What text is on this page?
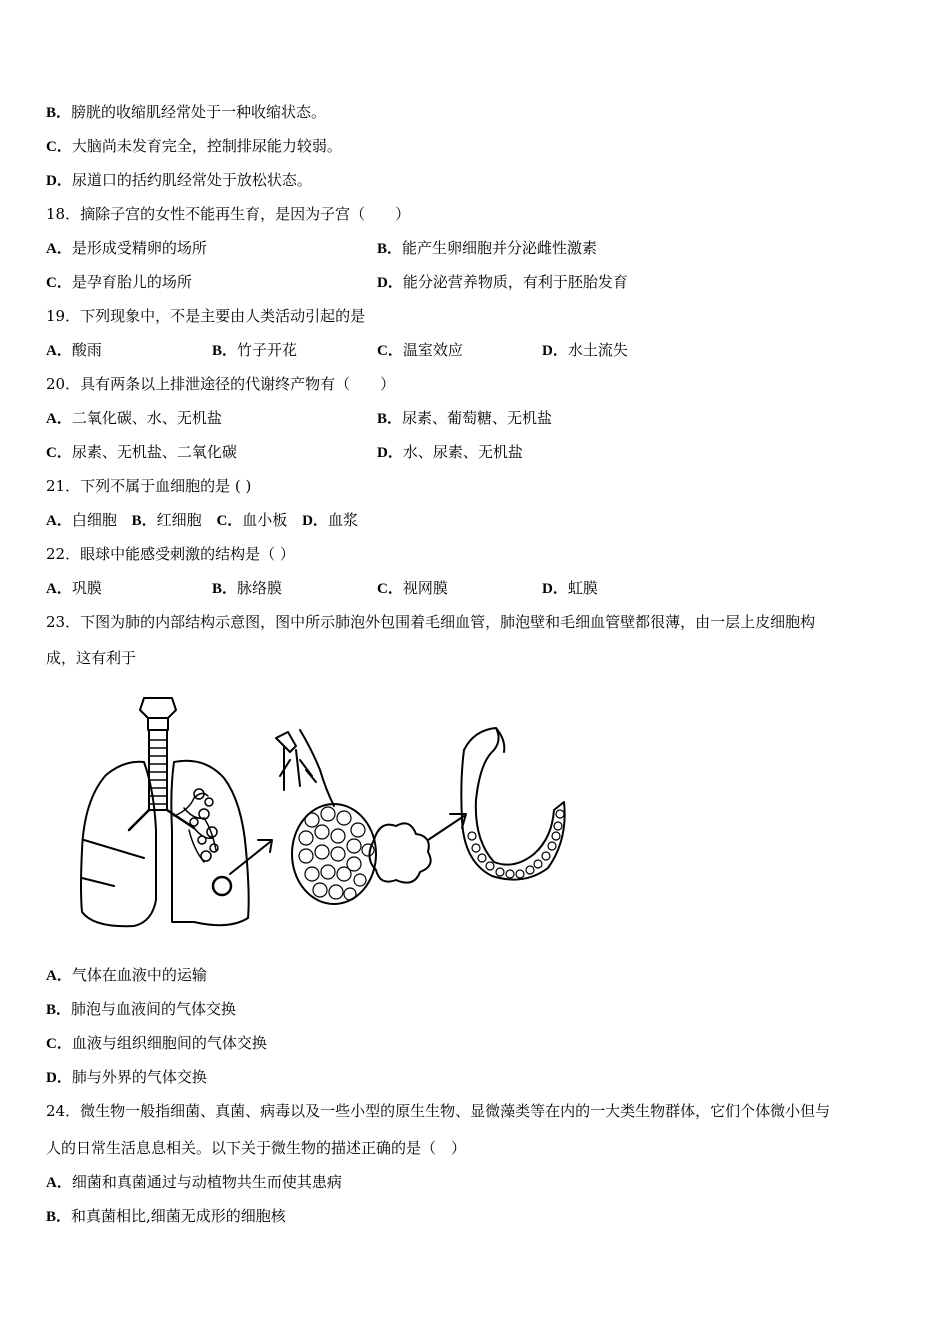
B．膀胱的收缩肌经常处于一种收缩状态。
C．大脑尚未发育完全，控制排尿能力较弱。
D．尿道口的括约肌经常处于放松状态。
18．摘除子宫的女性不能再生育，是因为子宫（　　）
A．是形成受精卵的场所	B．能产生卵细胞并分泌雌性激素
C．是孕育胎儿的场所	D．能分泌营养物质，有利于胚胎发育
19．下列现象中，不是主要由人类活动引起的是
A．酸雨	B．竹子开花	C．温室效应	D．水土流失
20．具有两条以上排泄途径的代谢终产物有（　　）
A．二氧化碳、水、无机盐	B．尿素、葡萄糖、无机盐
C．尿素、无机盐、二氧化碳	D．水、尿素、无机盐
21．下列不属于血细胞的是 ( )
A．白细胞 B．红细胞 C．血小板 D．血浆
22．眼球中能感受刺激的结构是（ ）
A．巩膜	B．脉络膜	C．视网膜	D．虹膜
23．下图为肺的内部结构示意图，图中所示肺泡外包围着毛细血管，肺泡壁和毛细血管壁都很薄，由一层上皮细胞构
成，这有利于
A．气体在血液中的运输
B．肺泡与血液间的气体交换
C．血液与组织细胞间的气体交换
D．肺与外界的气体交换
24．微生物一般指细菌、真菌、病毒以及一些小型的原生生物、显微藻类等在内的一大类生物群体，它们个体微小但与
人的日常生活息息相关。以下关于微生物的描述正确的是（　）
A．细菌和真菌通过与动植物共生而使其患病
B．和真菌相比,细菌无成形的细胞核
